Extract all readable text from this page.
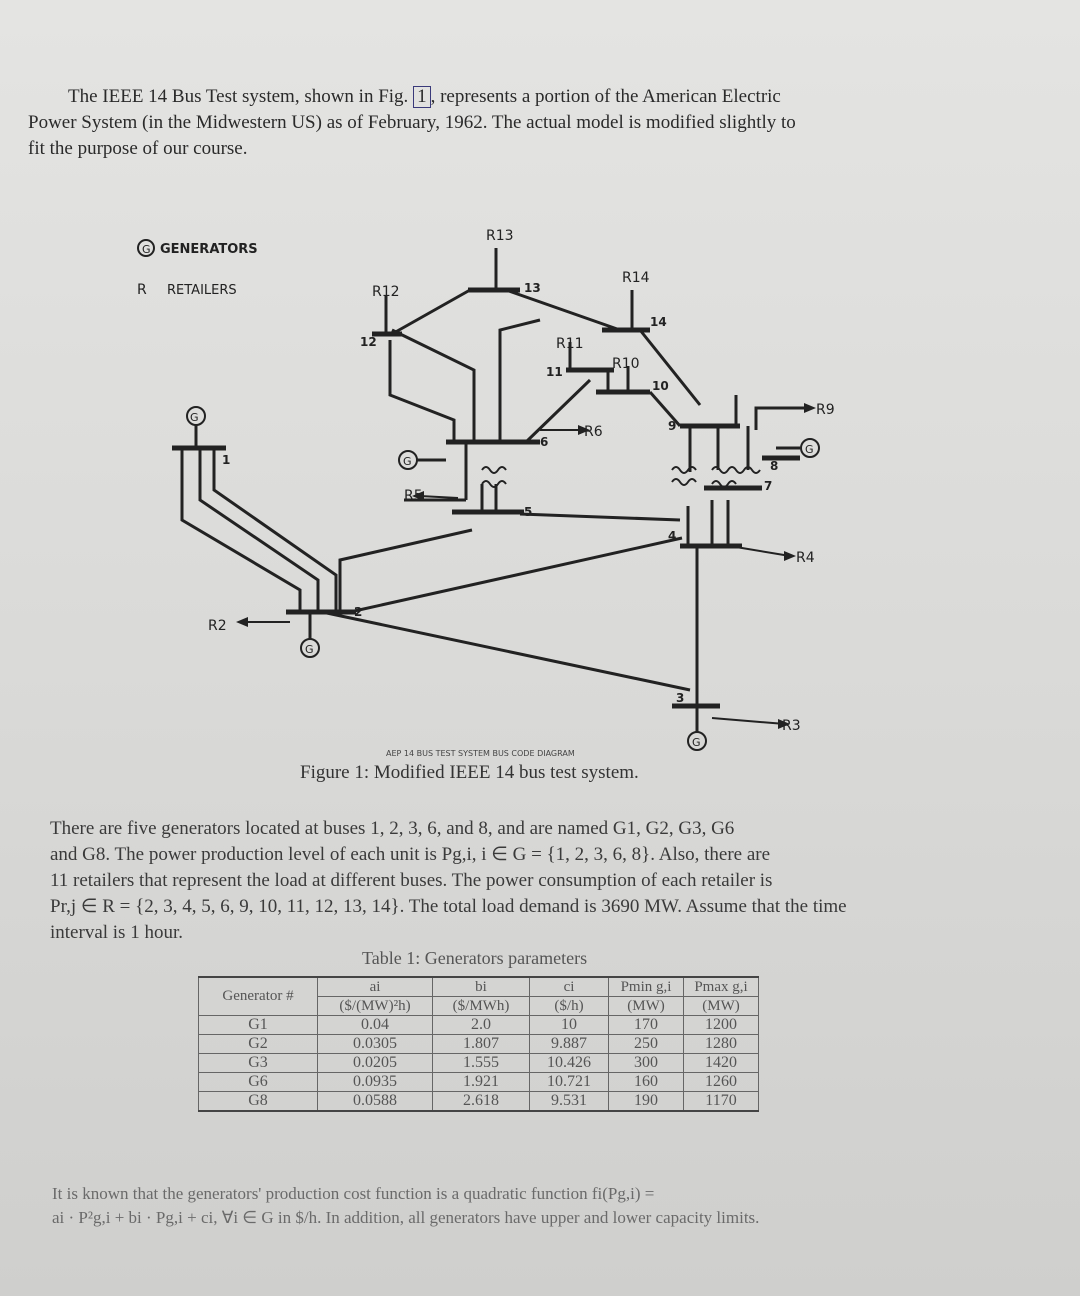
The IEEE 14 Bus Test system, shown in Fig. 1 , represents a portion of the American Electric
Power System (in the Midwestern US) as of February, 1962. The actual model is modified slightly to
fit the purpose of our course.
R
G GENERATORS
RETAILERS
G
G
G
G
G
1
2
3
4
5
6
7
8
9
10
11
12
13
14
R2
R3
R4
R5
R6
R9
R10
R11
R12
R13
R14
AEP 14 BUS TEST SYSTEM BUS CODE DIAGRAM
Figure 1: Modified IEEE 14 bus test system.
There are five generators located at buses 1, 2, 3, 6, and 8, and are named G1, G2, G3, G6
and G8. The power production level of each unit is Pg,i, i ∈ G = {1, 2, 3, 6, 8}. Also, there are
11 retailers that represent the load at different buses. The power consumption of each retailer is
Pr,j ∈ R = {2, 3, 4, 5, 6, 9, 10, 11, 12, 13, 14}. The total load demand is 3690 MW. Assume that the time
interval is 1 hour.
Table 1: Generators parameters
Generator #	ai	bi	ci	Pmin g,i	Pmax g,i
	($/(MW)²h)	($/MWh)	($/h)	(MW)	(MW)
G1	0.04	2.0	10	170	1200
G2	0.0305	1.807	9.887	250	1280
G3	0.0205	1.555	10.426	300	1420
G6	0.0935	1.921	10.721	160	1260
G8	0.0588	2.618	9.531	190	1170
It is known that the generators' production cost function is a quadratic function fi(Pg,i) =
ai · P²g,i + bi · Pg,i + ci, ∀i ∈ G in $/h. In addition, all generators have upper and lower capacity limits.
